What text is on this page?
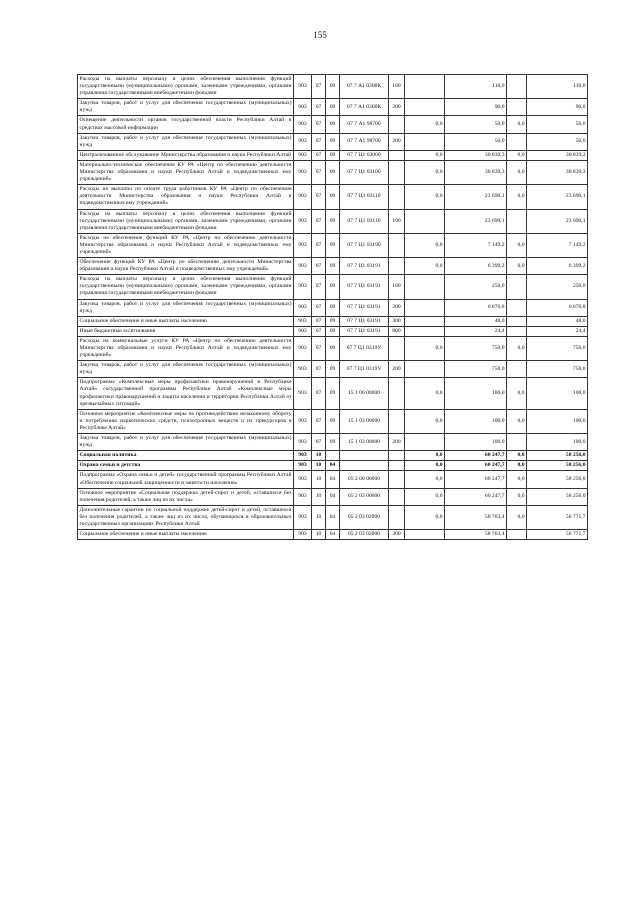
155
Расходы на выплаты персоналу в целях обеспечения выполнения функций государственными (муниципальными) органами, казенными учреждениями, органами управления государственными внебюджетными фондами	903	07	09	07 7 А1 0300К	100		110,0		110,0
Закупка товаров, работ и услуг для обеспечения государственных (муниципальных) нужд	903	07	09	07 7 А1 0300К	200		90,0		90,0
Освещение деятельности органов государственной власти Республики Алтай в средствах массовой информации	903	07	09	07 7 А1 98700		0,0	50,0	0,0	50,0
Закупка товаров, работ и услуг для обеспечения государственных (муниципальных) нужд	903	07	09	07 7 А1 98700	200		50,0		50,0
Централизованное обслуживание Министерства образования и науки Республики Алтай	903	07	09	07 7 Ц1 03000		0,0	30 839,3	0,0	30 839,3
Материально-техническое обеспечение КУ РА «Центр по обеспечению деятельности Министерства образования и науки Республики Алтай и подведомственных ему учреждений»	903	07	09	07 7 Ц1 03100		0,0	30 839,3	0,0	30 839,3
Расходы на выплаты по оплате труда работников КУ РА «Центр по обеспечению деятельности Министерства образования и науки Республики Алтай и подведомственных ему учреждений»	903	07	09	07 7 Ц1 03110		0,0	23 690,1	0,0	23 690,1
Расходы на выплаты персоналу в целях обеспечения выполнения функций государственными (муниципальными) органами, казенными учреждениями, органами управления государственными внебюджетными фондами	903	07	09	07 7 Ц1 03110	100		23 690,1		23 690,1
Расходы на обеспечение функций КУ РА «Центр по обеспечению деятельности Министерства образования и науки Республики Алтай и подведомственных ему учреждений»	903	07	09	07 7 Ц1 03190		0,0	7 149,2	0,0	7 149,2
Обеспечение функций КУ РА «Центр по обеспечению деятельности Министерства образования и науки Республики Алтай и подведомственных ему учреждений»	903	07	09	07 7 Ц1 03191		0,0	6 399,2	0,0	6 399,2
Расходы на выплаты персоналу в целях обеспечения выполнения функций государственными (муниципальными) органами, казенными учреждениями, органами управления государственными внебюджетными фондами	903	07	09	07 7 Ц1 03191	100		250,0		250,0
Закупка товаров, работ и услуг для обеспечения государственных (муниципальных) нужд	903	07	09	07 7 Ц1 03191	200		6 076,8		6 076,8
Социальное обеспечение и иные выплаты населению	903	07	09	07 7 Ц1 03191	300		48,0		48,0
Иные бюджетные ассигнования	903	07	09	07 7 Ц1 03191	800		24,4		24,4
Расходы на коммунальные услуги КУ РА «Центр по обеспечению деятельности Министерства образования и науки Республики Алтай и подведомственных ему учреждений»	903	07	09	07 7 Ц1 0319У		0,0	750,0	0,0	750,0
Закупка товаров, работ и услуг для обеспечения государственных (муниципальных) нужд	903	07	09	07 7 Ц1 0319У	200		750,0		750,0
Подпрограмма «Комплексные меры профилактики правонарушений в Республике Алтай» государственной программы Республики Алтай «Комплексные меры профилактики правонарушений и защита населения и территории Республики Алтай от чрезвычайных ситуаций»	903	07	09	15 1 00 00000		0,0	100,0	0,0	100,0
Основное мероприятие «Комплексные меры по противодействию незаконному обороту и потреблению наркотических средств, психотропных веществ и их прекурсоров в Республике Алтай»	903	07	09	15 1 03 00000		0,0	100,0	0,0	100,0
Закупка товаров, работ и услуг для обеспечения государственных (муниципальных) нужд	903	07	09	15 1 03 00000	200		100,0		100,0
Социальная политика	903	10				0,0	60 247,7	0,0	58 256,0
Охрана семьи и детства	903	10	04			0,0	60 247,7	0,0	58 256,0
Подпрограмма «Охрана семьи и детей» государственной программы Республики Алтай «Обеспечение социальной защищенности и занятости населения»	903	10	04	05 2 00 00000		0,0	60 247,7	0,0	58 256,0
Основное мероприятие «Социальная поддержка детей-сирот и детей, оставшихся без попечения родителей, а также лиц из их числа»	903	10	04	05 2 03 00000		0,0	60 247,7	0,0	58 256,0
Дополнительные гарантии по социальной поддержке детей-сирот и детей, оставшихся без попечения родителей, а также лиц из их числа, обучающихся в образовательных государственных организациях Республики Алтай	903	10	04	05 2 03 02000		0,0	58 763,4	0,0	56 771,7
Социальное обеспечение и иные выплаты населению	903	10	04	05 2 03 02000	300		58 763,4		56 771,7
